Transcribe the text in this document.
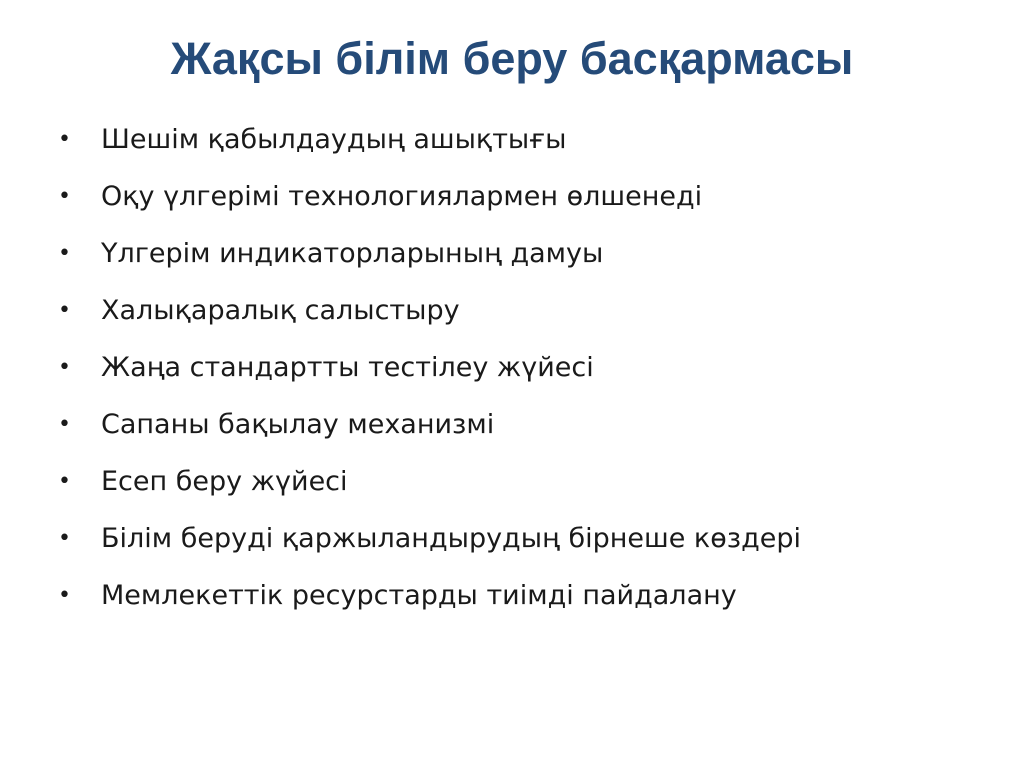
Жақсы білім беру басқармасы
• Шешім қабылдаудың ашықтығы
• Оқу үлгерімі технологиялармен өлшенеді
• Үлгерім индикаторларының дамуы
• Халықаралық салыстыру
• Жаңа стандартты тестілеу жүйесі
• Сапаны бақылау механизмі
• Есеп беру жүйесі
• Білім беруді қаржыландырудың бірнеше көздері
• Мемлекеттік ресурстарды тиімді пайдалану
